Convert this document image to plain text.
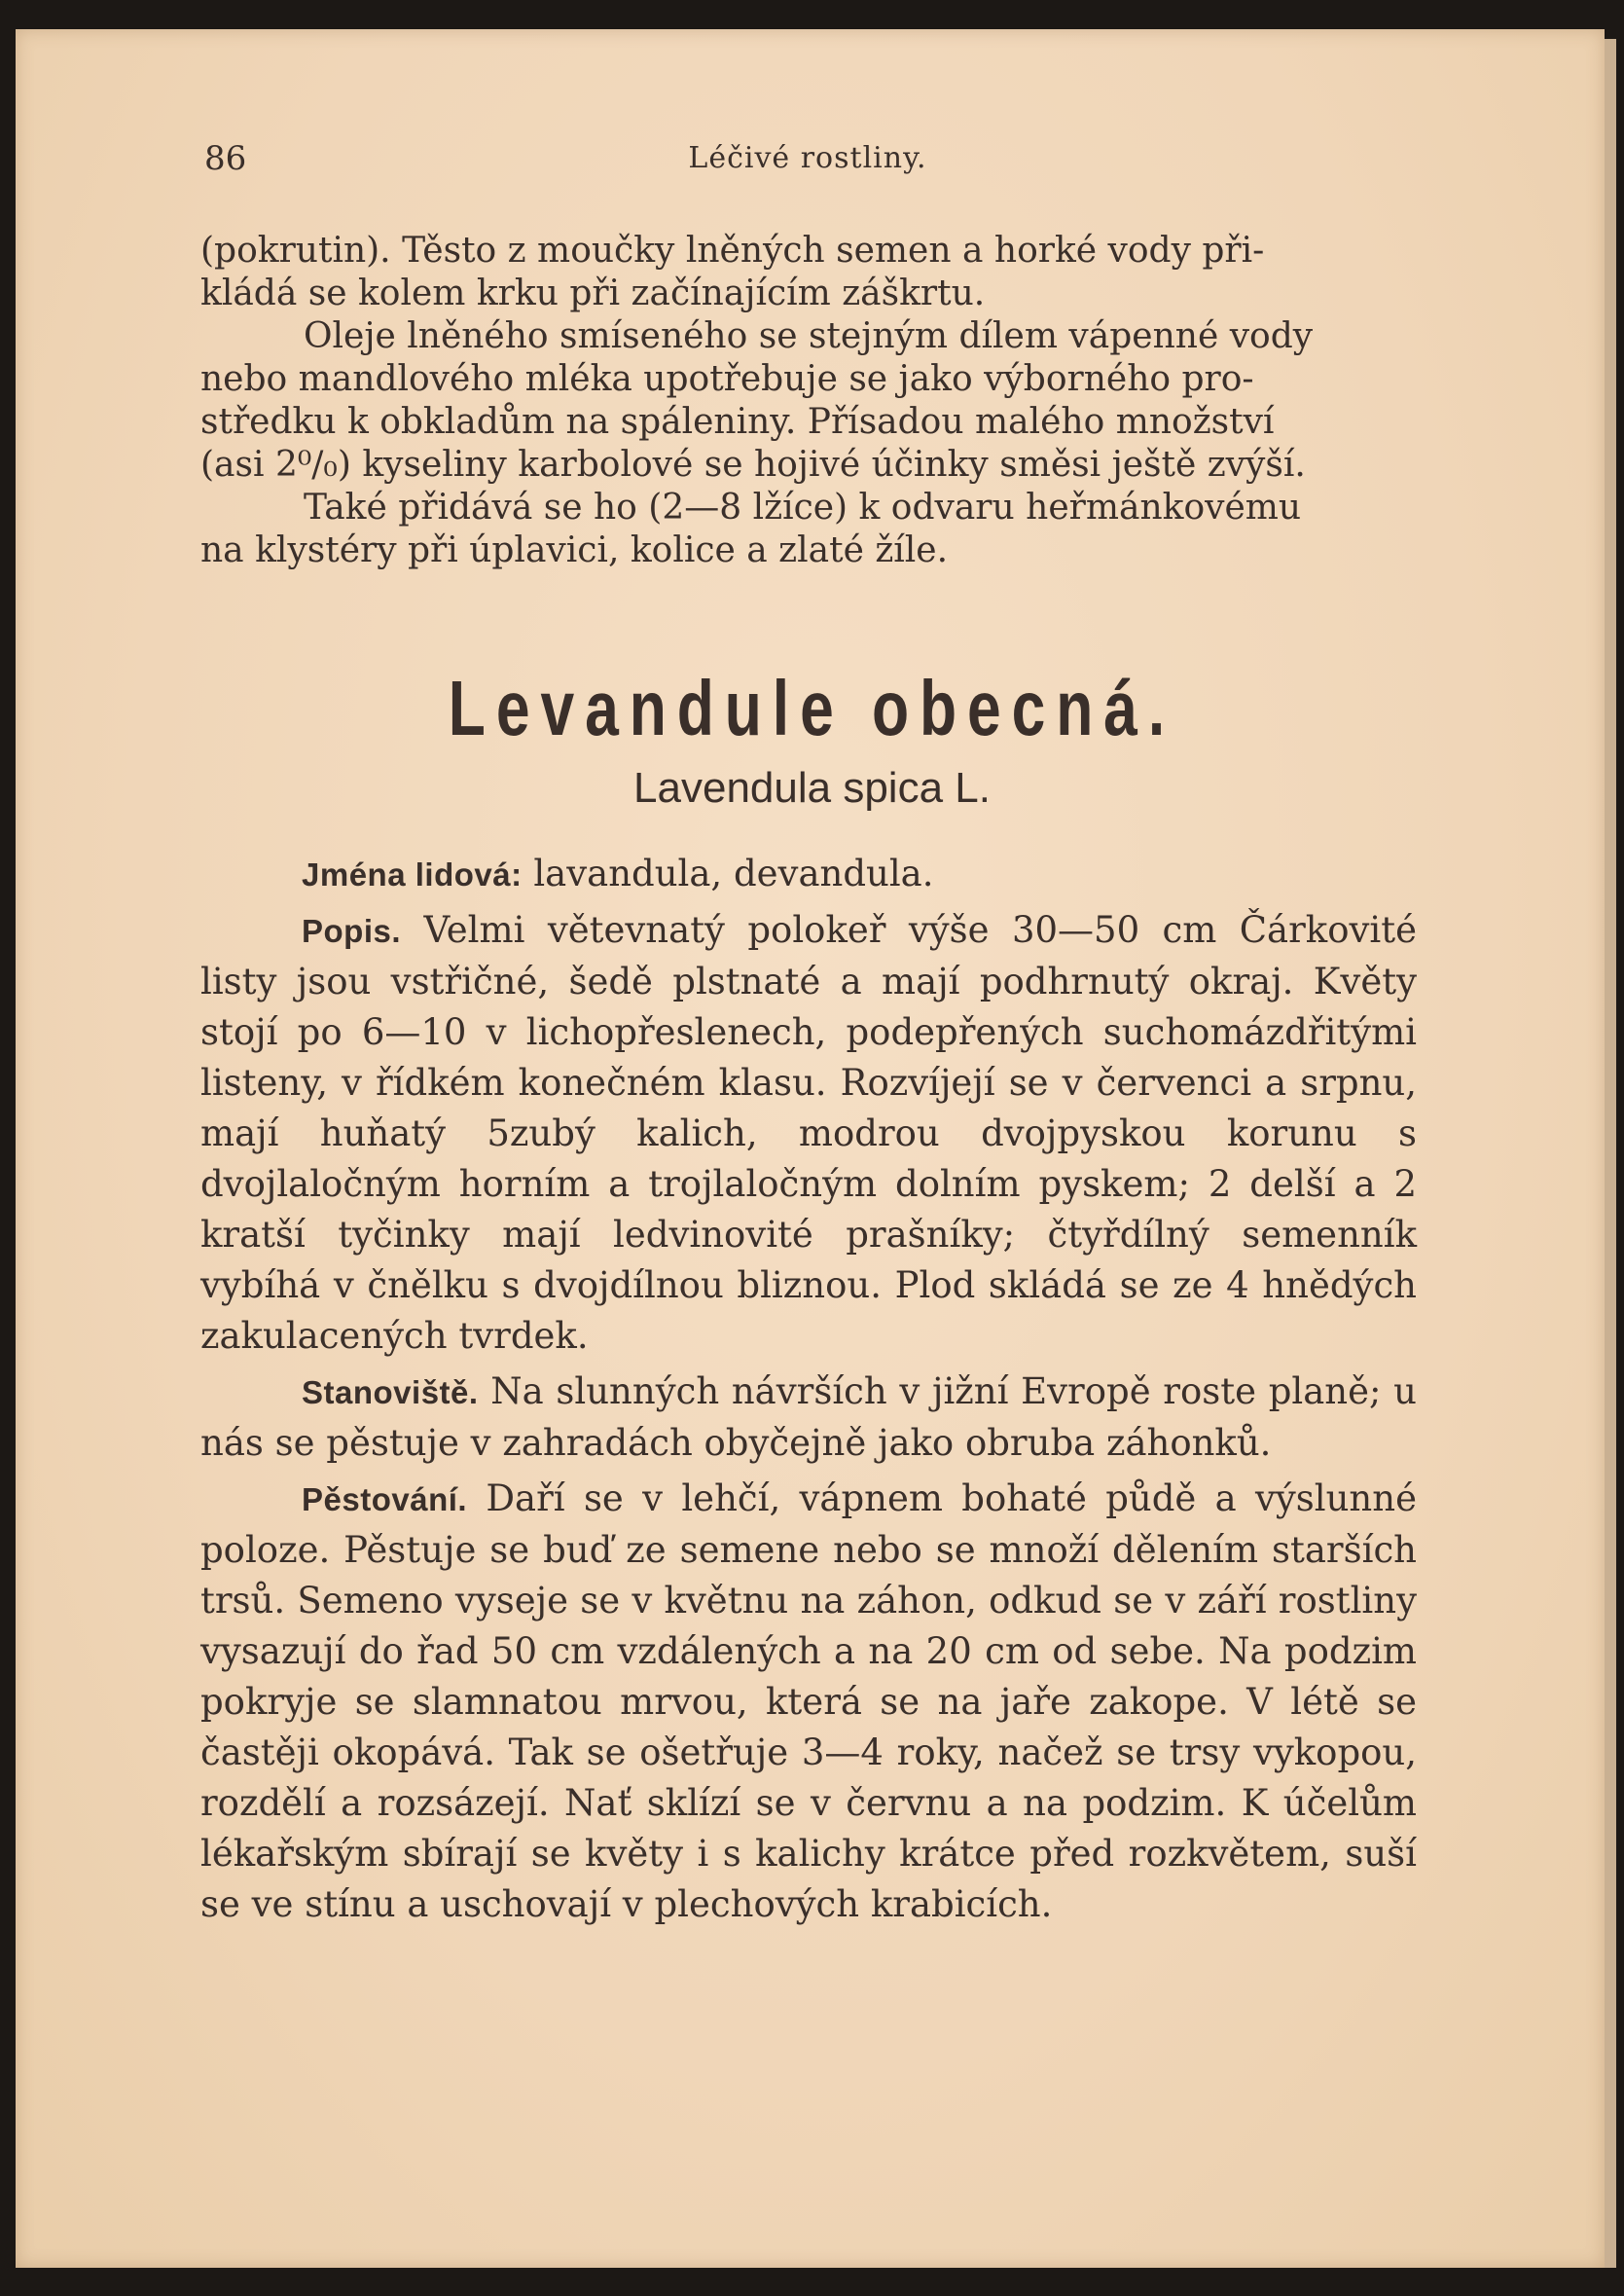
Léčivé rostliny.
86

(pokrutin). Těsto z moučky lněných semen a horké vody při-
kládá se kolem krku při začínajícím záškrtu.

Oleje lněného smíseného se stejným dílem vápenné vody
nebo mandlového mléka upotřebuje se jako výborného pro-
středku k obkladům na spáleniny. Přísadou malého množství
(asi 2⁰/₀) kyseliny karbolové se hojivé účinky směsi ještě zvýší.

Také přidává se ho (2—8 lžíce) k odvaru heřmánkovému
na klystéry při úplavici, kolice a zlaté žíle.

Levandule obecná.
Lavendula spica L.

Jména lidová: lavandula, devandula.

Popis. Velmi větevnatý polokeř výše 30—50 cm Čárkovité listy jsou vstřičné, šedě plstnaté a mají podhrnutý okraj. Květy stojí po 6—10 v lichopřeslenech, podepřených suchomázdřitými listeny, v řídkém konečném klasu. Rozvíjejí se v červenci a srpnu, mají huňatý 5zubý kalich, modrou dvojpyskou korunu s dvojlaločným horním a trojlaločným dolním pyskem; 2 delší a 2 kratší tyčinky mají ledvinovité prašníky; čtyřdílný semenník vybíhá v čnělku s dvojdílnou bliznou. Plod skládá se ze 4 hnědých zakulacených tvrdek.

Stanoviště. Na slunných návrších v jižní Evropě roste planě; u nás se pěstuje v zahradách obyčejně jako obruba záhonků.

Pěstování. Daří se v lehčí, vápnem bohaté půdě a výslunné poloze. Pěstuje se buď ze semene nebo se množí dělením starších trsů. Semeno vyseje se v květnu na záhon, odkud se v září rostliny vysazují do řad 50 cm vzdálených a na 20 cm od sebe. Na podzim pokryje se slamnatou mrvou, která se na jaře zakope. V létě se častěji okopává. Tak se ošetřuje 3—4 roky, načež se trsy vykopou, rozdělí a rozsázejí. Nať sklízí se v červnu a na podzim. K účelům lékařským sbírají se květy i s kalichy krátce před rozkvětem, suší se ve stínu a uschovají v plechových krabicích.
